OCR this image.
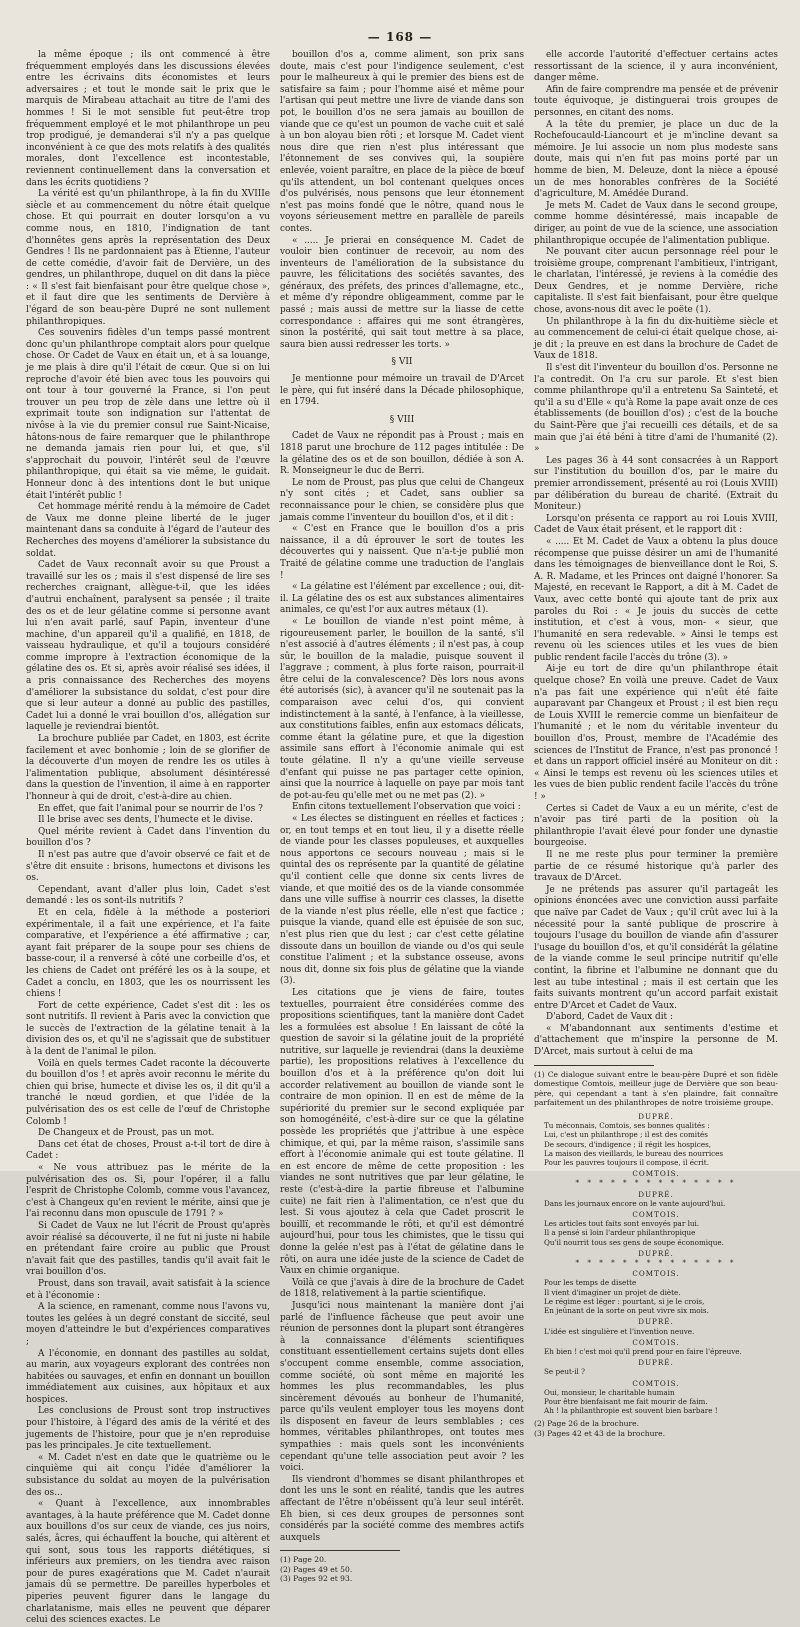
— 168 —

la même époque ; ils ont commencé à être fréquemment employés dans les discussions élevées entre les écrivains dits économistes et leurs adversaires ; et tout le monde sait le prix que le marquis de Mirabeau attachait au titre de l'ami des hommes ! Si le mot sensible fut peut-être trop fréquemment employé et le mot philanthrope un peu trop prodigué, je demanderai s'il n'y a pas quelque inconvénient à ce que des mots relatifs à des qualités morales, dont l'excellence est incontestable, reviennent continuellement dans la conversation et dans les écrits quotidiens ?

La vérité est qu'un philanthrope, à la fin du XVIIIe siècle et au commencement du nôtre était quelque chose. Et qui pourrait en douter lorsqu'on a vu comme nous, en 1810, l'indignation de tant d'honnêtes gens après la représentation des Deux Gendres ! Ils ne pardonnaient pas à Etienne, l'auteur de cette comédie, d'avoir fait de Dervière, un des gendres, un philanthrope, duquel on dit dans la pièce : « Il s'est fait bienfaisant pour être quelque chose », et il faut dire que les sentiments de Dervière à l'égard de son beau-père Dupré ne sont nullement philanthropiques.

Ces souvenirs fidèles d'un temps passé montrent donc qu'un philanthrope comptait alors pour quelque chose. Or Cadet de Vaux en était un, et à sa louange, je me plais à dire qu'il l'était de cœur. Que si on lui reproche d'avoir été bien avec tous les pouvoirs qui ont tour à tour gouverné la France, si l'on peut trouver un peu trop de zèle dans une lettre où il exprimait toute son indignation sur l'attentat de nivôse à la vie du premier consul rue Saint-Nicaise, hâtons-nous de faire remarquer que le philanthrope ne demanda jamais rien pour lui, et que, s'il s'approchait du pouvoir, l'intérêt seul de l'œuvre philanthropique, qui était sa vie même, le guidait. Honneur donc à des intentions dont le but unique était l'intérêt public !

Cet hommage mérité rendu à la mémoire de Cadet de Vaux me donne pleine liberté de le juger maintenant dans sa conduite à l'égard de l'auteur des Recherches des moyens d'améliorer la subsistance du soldat.

Cadet de Vaux reconnaît avoir su que Proust a travaillé sur les os ; mais il s'est dispensé de lire ses recherches craignant, allègue-t-il, que les idées d'autrui enchaînent, paralysent sa pensée ; il traite des os et de leur gélatine comme si personne avant lui n'en avait parlé, sauf Papin, inventeur d'une machine, d'un appareil qu'il a qualifié, en 1818, de vaisseau hydraulique, et qu'il a toujours considéré comme impropre à l'extraction économique de la gélatine des os. Et si, après avoir réalisé ses idées, il a pris connaissance des Recherches des moyens d'améliorer la subsistance du soldat, c'est pour dire que si leur auteur a donné au public des pastilles, Cadet lui a donné le vrai bouillon d'os, allégation sur laquelle je reviendrai bientôt.

La brochure publiée par Cadet, en 1803, est écrite facilement et avec bonhomie ; loin de se glorifier de la découverte d'un moyen de rendre les os utiles à l'alimentation publique, absolument désintéressé dans la question de l'invention, il aime à en rapporter l'honneur à qui de droit, c'est-à-dire au chien.

En effet, que fait l'animal pour se nourrir de l'os ?

Il le brise avec ses dents, l'humecte et le divise.

Quel mérite revient à Cadet dans l'invention du bouillon d'os ?

Il n'est pas autre que d'avoir observé ce fait et de s'être dit ensuite : brisons, humectons et divisons les os.

Cependant, avant d'aller plus loin, Cadet s'est demandé : les os sont-ils nutritifs ?

Et en cela, fidèle à la méthode a posteriori expérimentale, il a fait une expérience, et l'a faite comparative, et l'expérience a été affirmative ; car, ayant fait préparer de la soupe pour ses chiens de basse-cour, il a renversé à côté une corbeille d'os, et les chiens de Cadet ont préféré les os à la soupe, et Cadet a conclu, en 1803, que les os nourrissent les chiens !

Fort de cette expérience, Cadet s'est dit : les os sont nutritifs. Il revient à Paris avec la conviction que le succès de l'extraction de la gélatine tenait à la division des os, et qu'il ne s'agissait que de substituer à la dent de l'animal le pilon.

Voilà en quels termes Cadet raconte la découverte du bouillon d'os ! et après avoir reconnu le mérite du chien qui brise, humecte et divise les os, il dit qu'il a tranché le nœud gordien, et que l'idée de la pulvérisation des os est celle de l'œuf de Christophe Colomb !

De Changeux et de Proust, pas un mot.

Dans cet état de choses, Proust a-t-il tort de dire à Cadet :

« Ne vous attribuez pas le mérite de la pulvérisation des os. Si, pour l'opérer, il a fallu l'esprit de Christophe Colomb, comme vous l'avancez, c'est à Changeux qu'en revient le mérite, ainsi que je l'ai reconnu dans mon opuscule de 1791 ? »

Si Cadet de Vaux ne lut l'écrit de Proust qu'après avoir réalisé sa découverte, il ne fut ni juste ni habile en prétendant faire croire au public que Proust n'avait fait que des pastilles, tandis qu'il avait fait le vrai bouillon d'os.

Proust, dans son travail, avait satisfait à la science et à l'économie :

A la science, en ramenant, comme nous l'avons vu, toutes les gelées à un degré constant de siccité, seul moyen d'atteindre le but d'expériences comparatives ;

A l'économie, en donnant des pastilles au soldat, au marin, aux voyageurs explorant des contrées non habitées ou sauvages, et enfin en donnant un bouillon immédiatement aux cuisines, aux hôpitaux et aux hospices.

Les conclusions de Proust sont trop instructives pour l'histoire, à l'égard des amis de la vérité et des jugements de l'histoire, pour que je n'en reproduise pas les principales. Je cite textuellement.

« M. Cadet n'est en date que le quatrième ou le cinquième qui ait conçu l'idée d'améliorer la subsistance du soldat au moyen de la pulvérisation des os...

« Quant à l'excellence, aux innombrables avantages, à la haute préférence que M. Cadet donne aux bouillons d'os sur ceux de viande, ces jus noirs, salés, âcres, qui échauffent la bouche, qui altèrent et qui sont, sous tous les rapports diététiques, si inférieurs aux premiers, on les tiendra avec raison pour de pures exagérations que M. Cadet n'aurait jamais dû se permettre. De pareilles hyperboles et piperies peuvent figurer dans le langage du charlatanisme, mais elles ne peuvent que déparer celui des sciences exactes. Le

bouillon d'os a, comme aliment, son prix sans doute, mais c'est pour l'indigence seulement, c'est pour le malheureux à qui le premier des biens est de satisfaire sa faim ; pour l'homme aisé et même pour l'artisan qui peut mettre une livre de viande dans son pot, le bouillon d'os ne sera jamais au bouillon de viande que ce qu'est un poumon de vache cuit et salé à un bon aloyau bien rôti ; et lorsque M. Cadet vient nous dire que rien n'est plus intéressant que l'étonnement de ses convives qui, la soupière enlevée, voient paraître, en place de la pièce de bœuf qu'ils attendent, un bol contenant quelques onces d'os pulvérisés, nous pensons que leur étonnement n'est pas moins fondé que le nôtre, quand nous le voyons sérieusement mettre en parallèle de pareils contes.

« ..... Je prierai en conséquence M. Cadet de vouloir bien continuer de recevoir, au nom des inventeurs de l'amélioration de la subsistance du pauvre, les félicitations des sociétés savantes, des généraux, des préfets, des princes d'allemagne, etc., et même d'y répondre obligeamment, comme par le passé ; mais aussi de mettre sur la liasse de cette correspondance : affaires qui me sont étrangères, sinon la postérité, qui sait tout mettre à sa place, saura bien aussi redresser les torts. »

§ VII

Je mentionne pour mémoire un travail de D'Arcet le père, qui fut inséré dans la Décade philosophique, en 1794.

§ VIII

Cadet de Vaux ne répondit pas à Proust ; mais en 1818 parut une brochure de 112 pages intitulée : De la gélatine des os et de son bouillon, dédiée à son A. R. Monseigneur le duc de Berri.

Le nom de Proust, pas plus que celui de Changeux n'y sont cités ; et Cadet, sans oublier sa reconnaissance pour le chien, se considère plus que jamais comme l'inventeur du bouillon d'os, et il dit :

« C'est en France que le bouillon d'os a pris naissance, il a dû éprouver le sort de toutes les découvertes qui y naissent. Que n'a-t-je publié mon Traité de gélatine comme une traduction de l'anglais !

« La gélatine est l'élément par excellence ; oui, dit-il. La gélatine des os est aux substances alimentaires animales, ce qu'est l'or aux autres métaux (1).

« Le bouillon de viande n'est point même, à rigoureusement parler, le bouillon de la santé, s'il n'est associé à d'autres éléments ; il n'est pas, à coup sûr, le bouillon de la maladie, puisque souvent il l'aggrave ; comment, à plus forte raison, pourrait-il être celui de la convalescence? Dès lors nous avons été autorisés (sic), à avancer qu'il ne soutenait pas la comparaison avec celui d'os, qui convient indistinctement à la santé, à l'enfance, à la vieillesse, aux constitutions faibles, enfin aux estomacs délicats, comme étant la gélatine pure, et que la digestion assimile sans effort à l'économie animale qui est toute gélatine. Il n'y a qu'une vieille serveuse d'enfant qui puisse ne pas partager cette opinion, ainsi que la nourrice à laquelle on paye par mois tant de pot-au-feu qu'elle met ou ne met pas (2). »

Enfin citons textuellement l'observation que voici :

« Les électes se distinguent en réelles et factices ; or, en tout temps et en tout lieu, il y a disette réelle de viande pour les classes populeuses, et auxquelles nous apportons ce secours nouveau ; mais si le quintal des os représente par la quantité de gélatine qu'il contient celle que donne six cents livres de viande, et que moitié des os de la viande consommée dans une ville suffise à nourrir ces classes, la disette de la viande n'est plus réelle, elle n'est que factice ; puisque la viande, quand elle est épuisée de son suc, n'est plus rien que du lest ; car c'est cette gélatine dissoute dans un bouillon de viande ou d'os qui seule constitue l'aliment ; et la substance osseuse, avons nous dit, donne six fois plus de gélatine que la viande (3).

Les citations que je viens de faire, toutes textuelles, pourraient être considérées comme des propositions scientifiques, tant la manière dont Cadet les a formulées est absolue ! En laissant de côté la question de savoir si la gélatine jouit de la propriété nutritive, sur laquelle je reviendrai (dans la deuxième partie), les propositions relatives à l'excellence du bouillon d'os et à la préférence qu'on doit lui accorder relativement au bouillon de viande sont le contraire de mon opinion. Il en est de même de la supériorité du premier sur le second expliquée par son homogénéité, c'est-à-dire sur ce que la gélatine possède les propriétés que j'attribue à une espèce chimique, et qui, par la même raison, s'assimile sans effort à l'économie animale qui est toute gélatine. Il en est encore de même de cette proposition : les viandes ne sont nutritives que par leur gélatine, le reste (c'est-à-dire la partie fibreuse et l'albumine cuite) ne fait rien à l'alimentation, ce n'est que du lest. Si vous ajoutez à cela que Cadet proscrit le bouillï, et recommande le rôti, et qu'il est démontré aujourd'hui, pour tous les chimistes, que le tissu qui donne la gelée n'est pas à l'état de gélatine dans le rôti, on aura une idée juste de la science de Cadet de Vaux en chimie organique.

Voilà ce que j'avais à dire de la brochure de Cadet de 1818, relativement à la partie scientifique.

Jusqu'ici nous maintenant la manière dont j'ai parlé de l'influence fâcheuse que peut avoir une réunion de personnes dont la plupart sont étrangères à la connaissance d'éléments scientifiques constituant essentiellement certains sujets dont elles s'occupent comme ensemble, comme association, comme société, où sont même en majorité les hommes les plus recommandables, les plus sincèrement dévoués au bonheur de l'humanité, parce qu'ils veulent employer tous les moyens dont ils disposent en faveur de leurs semblables ; ces hommes, véritables philanthropes, ont toutes mes sympathies : mais quels sont les inconvénients cependant qu'une telle association peut avoir ? les voici.

Ils viendront d'hommes se disant philanthropes et dont les uns le sont en réalité, tandis que les autres affectant de l'être n'obéissent qu'à leur seul intérêt. Eh bien, si ces deux groupes de personnes sont considérés par la société comme des membres actifs auxquels

(1) Page 20.
(2) Pages 49 et 50.
(3) Pages 92 et 93.

elle accorde l'autorité d'effectuer certains actes ressortissant de la science, il y aura inconvénient, danger même.

Afin de faire comprendre ma pensée et de prévenir toute équivoque, je distinguerai trois groupes de personnes, en citant des noms.

A la tête du premier, je place un duc de la Rochefoucauld-Liancourt et je m'incline devant sa mémoire. Je lui associe un nom plus modeste sans doute, mais qui n'en fut pas moins porté par un homme de bien, M. Deleuze, dont la nièce a épousé un de mes honorables confrères de la Société d'agriculture, M. Amédée Durand.

Je mets M. Cadet de Vaux dans le second groupe, comme homme désintéressé, mais incapable de diriger, au point de vue de la science, une association philanthropique occupée de l'alimentation publique.

Ne pouvant citer aucun personnage réel pour le troisième groupe, comprenant l'ambitieux, l'intrigant, le charlatan, l'intéressé, je reviens à la comédie des Deux Gendres, et je nomme Dervière, riche capitaliste. Il s'est fait bienfaisant, pour être quelque chose, avons-nous dit avec le poëte (1).

Un philanthrope à la fin du dix-huitième siècle et au commencement de celui-ci était quelque chose, ai-je dit ; la preuve en est dans la brochure de Cadet de Vaux de 1818.

Il s'est dit l'inventeur du bouillon d'os. Personne ne l'a contredit. On l'a cru sur parole. Et s'est bien comme philanthrope qu'il a entretenu Sa Sainteté, et qu'il a su d'Elle « qu'à Rome la pape avait onze de ces établissements (de bouillon d'os) ; c'est de la bouche du Saint-Père que j'ai recueilli ces détails, et de sa main que j'ai été béni à titre d'ami de l'humanité (2). »

Les pages 36 à 44 sont consacrées à un Rapport sur l'institution du bouillon d'os, par le maire du premier arrondissement, présenté au roi (Louis XVIII) par délibération du bureau de charité. (Extrait du Moniteur.)

Lorsqu'on présenta ce rapport au roi Louis XVIII, Cadet de Vaux était présent, et le rapport dit :

« ..... Et M. Cadet de Vaux a obtenu la plus douce récompense que puisse désirer un ami de l'humanité dans les témoignages de bienveillance dont le Roi, S. A. R. Madame, et les Princes ont daigné l'honorer. Sa Majesté, en recevant le Rapport, a dit à M. Cadet de Vaux, avec cette bonté qui ajoute tant de prix aux paroles du Roi : « Je jouis du succès de cette institution, et c'est à vous, mon- « sieur, que l'humanité en sera redevable. » Ainsi le temps est revenu où les sciences utiles et les vues de bien public rendent facile l'accès du trône (3). »

Ai-je eu tort de dire qu'un philanthrope était quelque chose? En voilà une preuve. Cadet de Vaux n'a pas fait une expérience qui n'eût été faite auparavant par Changeux et Proust ; il est bien reçu de Louis XVIII le remercie comme un bienfaiteur de l'humanité ; et le nom du véritable inventeur du bouillon d'os, Proust, membre de l'Académie des sciences de l'Institut de France, n'est pas prononcé ! et dans un rapport officiel inséré au Moniteur on dit : « Ainsi le temps est revenu où les sciences utiles et les vues de bien public rendent facile l'accès du trône ! »

Certes si Cadet de Vaux a eu un mérite, c'est de n'avoir pas tiré parti de la position où la philanthropie l'avait élevé pour fonder une dynastie bourgeoise.

Il ne me reste plus pour terminer la première partie de ce résumé historique qu'à parler des travaux de D'Arcet.

Je ne prétends pas assurer qu'il partageât les opinions énoncées avec une conviction aussi parfaite que naïve par Cadet de Vaux ; qu'il crût avec lui à la nécessité pour la santé publique de proscrire à toujours l'usage du bouillon de viande afin d'assurer l'usage du bouillon d'os, et qu'il considérât la gélatine de la viande comme le seul principe nutritif qu'elle contînt, la fibrine et l'albumine ne donnant que du lest au tube intestinal ; mais il est certain que les faits suivants montrent qu'un accord parfait existait entre D'Arcet et Cadet de Vaux.

D'abord, Cadet de Vaux dit :

« M'abandonnant aux sentiments d'estime et d'attachement que m'inspire la personne de M. D'Arcet, mais surtout à celui de ma

(1) Ce dialogue suivant entre le beau-père Dupré et son fidèle domestique Comtois, meilleur juge de Dervière que son beau-père, qui cependant a tant à s'en plaindre, fait connaître parfaitement un des philanthropes de notre troisième groupe.
DUPRÉ.
Tu méconnais, Comtois, ses bonnes qualités :
Lui, c'est un philanthrope ; il est des comités
De secours, d'indigence ; il régit les hospices,
La maison des vieillards, le bureau des nourrices
Pour les pauvres toujours il compose, il écrit.
COMTOIS.
* * * * * * * * * * * * * *
DUPRÉ.
Dans les journaux encore on le vante aujourd'hui.
COMTOIS.
Les articles tout faits sont envoyés par lui.
Il a pensé si loin l'ardeur philanthropique
Qu'il nourrit tous ses gens de soupe économique.
DUPRÉ.
* * * * * * * * * * * * * *
COMTOIS.
Pour les temps de disette
Il vient d'imaginer un projet de diète.
Le régime est léger : pourtant, si je le crois,
En jeûnant de la sorte on peut vivre six mois.
DUPRÉ.
L'idée est singulière et l'invention neuve.
COMTOIS.
Eh bien ! c'est moi qu'il prend pour en faire l'épreuve.
DUPRÉ.
Se peut-il ?
COMTOIS.
Oui, monsieur, le charitable humain
Pour être bienfaisant me fait mourir de faim.
Ah ! la philanthropie est souvent bien barbare !
(2) Page 26 de la brochure.
(3) Pages 42 et 43 de la brochure.
